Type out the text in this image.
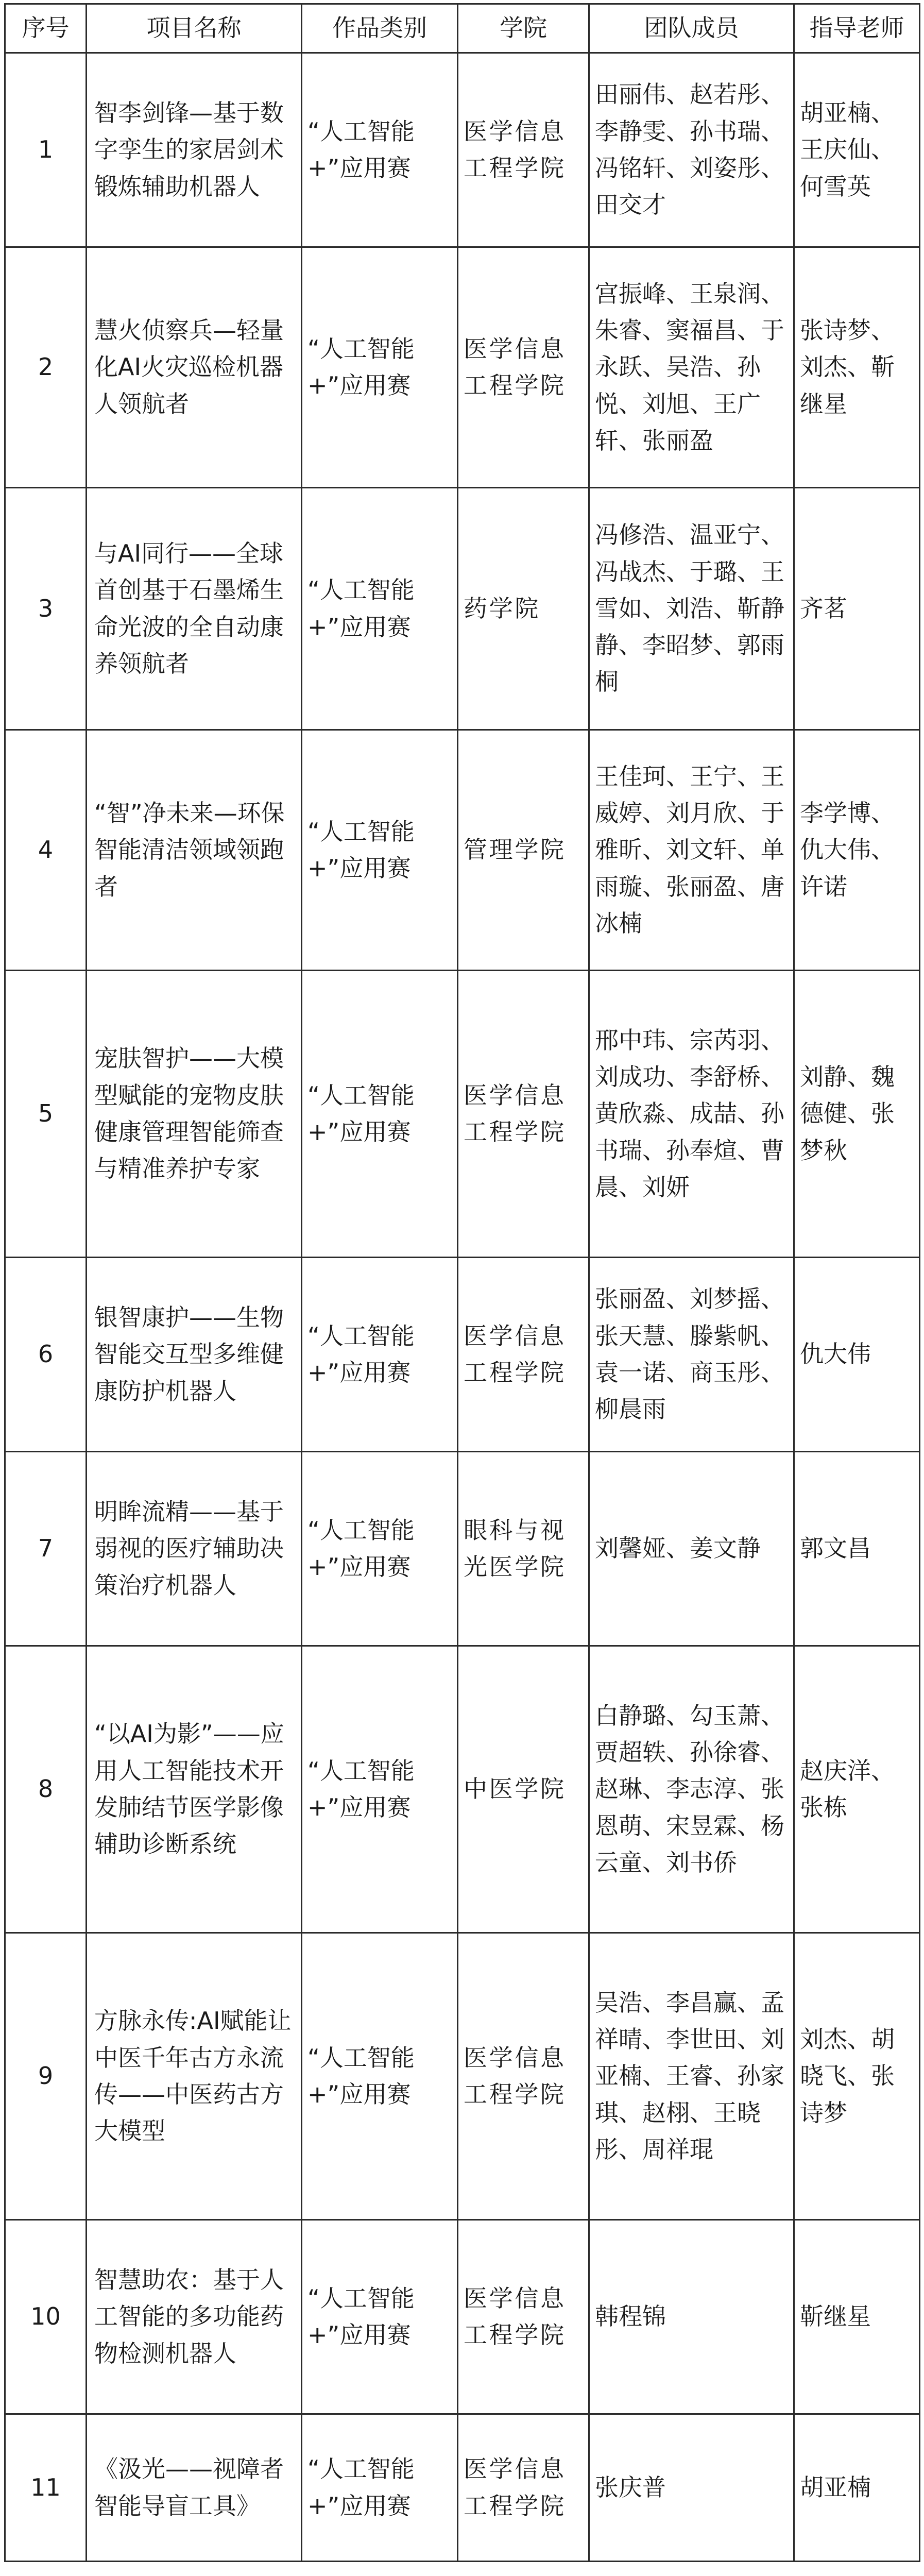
序号	项目名称	作品类别	学院	团队成员	指导老师
1	智李剑锋—基于数字孪生的家居剑术锻炼辅助机器人	“人工智能+”应用赛	医学信息工程学院	田丽伟、赵若彤、李静雯、孙书瑞、冯铭轩、刘姿彤、田交才	胡亚楠、王庆仙、何雪英
2	慧火侦察兵—轻量化AI火灾巡检机器人领航者	“人工智能+”应用赛	医学信息工程学院	宫振峰、王泉润、朱睿、窦福昌、于永跃、吴浩、孙悦、刘旭、王广轩、张丽盈	张诗梦、刘杰、靳继星
3	与AI同行——全球首创基于石墨烯生命光波的全自动康养领航者	“人工智能+”应用赛	药学院	冯修浩、温亚宁、冯战杰、于璐、王雪如、刘浩、靳静静、李昭梦、郭雨桐	齐茗
4	“智”净未来—环保智能清洁领域领跑者	“人工智能+”应用赛	管理学院	王佳珂、王宁、王威婷、刘月欣、于雅昕、刘文轩、单雨璇、张丽盈、唐冰楠	李学博、仇大伟、许诺
5	宠肤智护——大模型赋能的宠物皮肤健康管理智能筛查与精准养护专家	“人工智能+”应用赛	医学信息工程学院	邢中玮、宗芮羽、刘成功、李舒桥、黄欣淼、成喆、孙书瑞、孙奉煊、曹晨、刘妍	刘静、魏德健、张梦秋
6	银智康护——生物智能交互型多维健康防护机器人	“人工智能+”应用赛	医学信息工程学院	张丽盈、刘梦摇、张天慧、滕紫帆、袁一诺、商玉彤、柳晨雨	仇大伟
7	明眸流精——基于弱视的医疗辅助决策治疗机器人	“人工智能+”应用赛	眼科与视光医学院	刘馨娅、姜文静	郭文昌
8	“以AI为影”——应用人工智能技术开发肺结节医学影像辅助诊断系统	“人工智能+”应用赛	中医学院	白静璐、勾玉萧、贾超轶、孙徐睿、赵琳、李志淳、张恩萌、宋昱霖、杨云童、刘书侨	赵庆洋、张栋
9	方脉永传:AI赋能让中医千年古方永流传——中医药古方大模型	“人工智能+”应用赛	医学信息工程学院	吴浩、李昌赢、孟祥晴、李世田、刘亚楠、王睿、孙家琪、赵栩、王晓彤、周祥琨	刘杰、胡晓飞、张诗梦
10	智慧助农：基于人工智能的多功能药物检测机器人	“人工智能+”应用赛	医学信息工程学院	韩程锦	靳继星
11	《汲光——视障者智能导盲工具》	“人工智能+”应用赛	医学信息工程学院	张庆普	胡亚楠
